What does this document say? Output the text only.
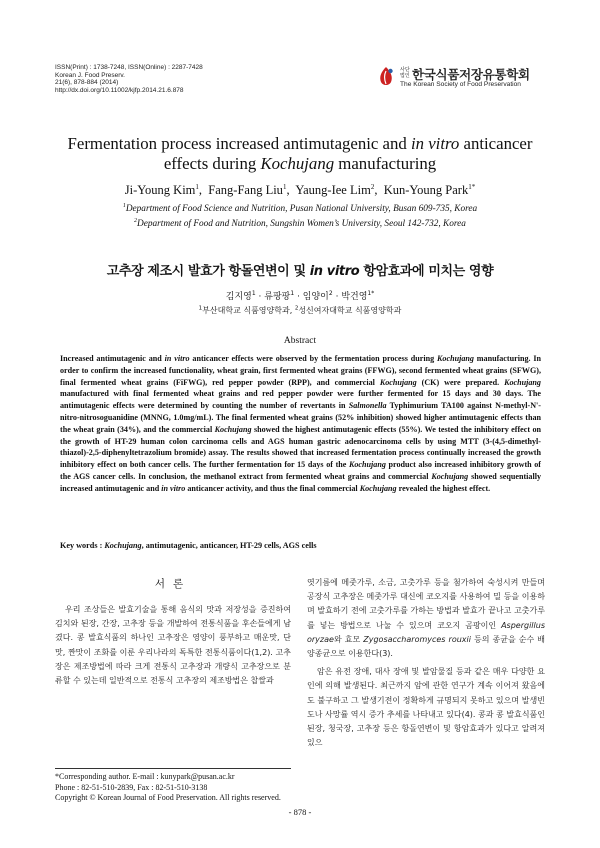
ISSN(Print) : 1738-7248, ISSN(Online) : 2287-7428
Korean J. Food Preserv.
21(6), 878-884 (2014)
http://dx.doi.org/10.11002/kjfp.2014.21.6.878
사단
법인 한국식품저장유통학회
The Korean Society of Food Preservation
Fermentation process increased antimutagenic and in vitro anticancer
effects during Kochujang manufacturing
Ji-Young Kim$^1$,  Fang-Fang Liu$^1$,  Yaung-Iee Lim$^2$,  Kun-Young Park$^{1*}$
$^1$Department of Food Science and Nutrition, Pusan National University, Busan 609-735, Korea
$^2$Department of Food and Nutrition, Sungshin Women’s University, Seoul 142-732, Korea
고추장 제조시 발효가 항돌연변이 및 in vitro 항암효과에 미치는 영향
김지영$^1$ · 류팡팡$^1$ · 임양이$^2$ · 박건영$^{1*}$
$^1$부산대학교 식품영양학과, $^2$성신여자대학교 식품영양학과
Abstract
Increased antimutagenic and in vitro anticancer effects were observed by the fermentation process during Kochujang manufacturing. In order to confirm the increased functionality, wheat grain, first fermented wheat grains (FFWG), second fermented wheat grains (SFWG), final fermented wheat grains (FiFWG), red pepper powder (RPP), and commercial Kochujang (CK) were prepared. Kochujang manufactured with final fermented wheat grains and red pepper powder were further fermented for 15 days and 30 days. The antimutagenic effects were determined by counting the number of revertants in Salmonella Typhimurium TA100 against N-methyl-N'-nitro-nitrosoguanidine (MNNG, 1.0mg/mL). The final fermented wheat grains (52% inhibition) showed higher antimutagenic effects than the wheat grain (34%), and the commercial Kochujang showed the highest antimutagenic effects (55%). We tested the inhibitory effect on the growth of HT-29 human colon carcinoma cells and AGS human gastric adenocarcinoma cells by using MTT (3-(4,5-dimethyl-thiazol)-2,5-diphenyltetrazolium bromide) assay. The results showed that increased fermentation process continually increased the growth inhibitory effect on both cancer cells. The further fermentation for 15 days of the Kochujang product also increased inhibitory growth of the AGS cancer cells. In conclusion, the methanol extract from fermented wheat grains and commercial Kochujang showed sequentially increased antimutagenic and in vitro anticancer activity, and thus the final commercial Kochujang revealed the highest effect.
Key words : Kochujang, antimutagenic, anticancer, HT-29 cells, AGS cells
서론
우리 조상들은 발효기술을 통해 음식의 맛과 저장성을 증진하여 김치와 된장, 간장, 고추장 등을 개발하여 전통식품을 후손들에게 남겼다. 콩 발효식품의 하나인 고추장은 영양이 풍부하고 매운맛, 단맛, 짠맛이 조화를 이룬 우리나라의 독특한 전통식품이다(1,2). 고추장은 제조방법에 따라 크게 전통식 고추장과 개량식 고추장으로 분류할 수 있는데 일반적으로 전통식 고추장의 제조방법은 찹쌀과

엿기름에 메줏가루, 소금, 고춧가루 등을 첨가하여 숙성시켜 만들며 공장식 고추장은 메줏가루 대신에 코오지를 사용하여 밀 등을 이용하며 발효하기 전에 고춧가루를 가하는 방법과 발효가 끝나고 고춧가루를 넣는 방법으로 나눌 수 있으며 코오지 곰팡이인 Aspergillus oryzae와 효모 Zygosaccharomyces rouxii 등의 종균을 순수 배양종균으로 이용한다(3).

암은 유전 장애, 대사 장애 및 발암물질 등과 같은 매우 다양한 요인에 의해 발생된다. 최근까지 암에 관한 연구가 계속 이어져 왔음에도 불구하고 그 발생기전이 정확하게 규명되지 못하고 있으며 발생빈도나 사망률 역시 증가 추세를 나타내고 있다(4). 콩과 콩 발효식품인 된장, 청국장, 고추장 등은 항돌연변이 및 항암효과가 있다고 알려져 있으

*Corresponding author. E-mail : kunypark@pusan.ac.kr
Phone : 82-51-510-2839, Fax : 82-51-510-3138
Copyright © Korean Journal of Food Preservation. All rights reserved.
- 878 -
